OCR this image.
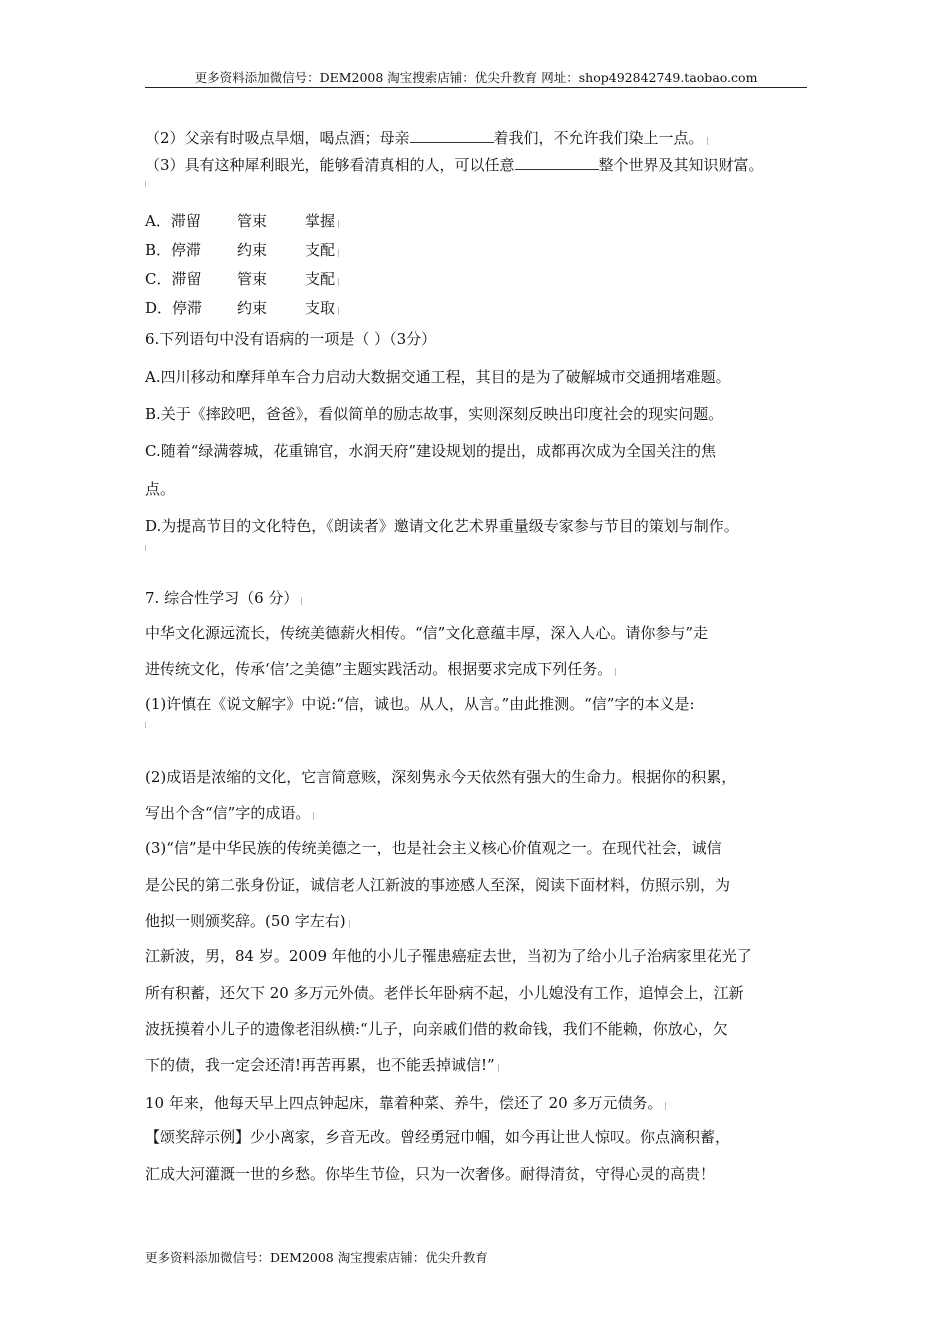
更多资料添加微信号：DEM2008 淘宝搜索店铺：优尖升教育 网址：shop492842749.taobao.com
（2）父亲有时吸点旱烟，喝点酒；母亲	着我们，不允许我们染上一点。
（3）具有这种犀利眼光，能够看清真相的人，可以任意	整个世界及其知识财富。
A．滞留 管束	掌握
B．停滞 约束	支配
C．滞留 管束	支配
D．停滞 约束	支取
6.下列语句中没有语病的一项是（ ）（3分）
A.四川移动和摩拜单车合力启动大数据交通工程，其目的是为了破解城市交通拥堵难题。
B.关于《摔跤吧，爸爸》，看似简单的励志故事，实则深刻反映出印度社会的现实问题。
C.随着“绿满蓉城，花重锦官，水润天府”建设规划的提出，成都再次成为全国关注的焦
点。
D.为提高节目的文化特色，《朗读者》邀请文化艺术界重量级专家参与节目的策划与制作。
7. 综合性学习（6 分）
中华文化源远流长，传统美德薪火相传。“信”文化意蕴丰厚，深入人心。请你参与”走
进传统文化，传承‘信’之美德”主题实践活动。根据要求完成下列任务。
(1)许慎在《说文解字》中说:“信，诚也。从人，从言。”由此推测。“信”字的本义是:
(2)成语是浓缩的文化，它言简意赅，深刻隽永今天依然有强大的生命力。根据你的积累，
写出个含“信”字的成语。
(3)“信”是中华民族的传统美德之一，也是社会主义核心价值观之一。在现代社会，诚信
是公民的第二张身份证，诚信老人江新波的事迹感人至深，阅读下面材料，仿照示别，为
他拟一则颁奖辞。(50 字左右)
江新波，男，84 岁。2009 年他的小儿子罹患癌症去世，当初为了给小儿子治病家里花光了
所有积蓄，还欠下 20 多万元外债。老伴长年卧病不起，小儿媳没有工作，追悼会上，江新
波抚摸着小儿子的遗像老泪纵横:“儿子，向亲戚们借的救命钱，我们不能赖，你放心，欠
下的债，我一定会还清!再苦再累，也不能丢掉诚信!”
10 年来，他每天早上四点钟起床，靠着种菜、养牛，偿还了 20 多万元债务。
【颂奖辞示例】少小离家，乡音无改。曾经勇冠巾帼，如今再让世人惊叹。你点滴积蓄，
汇成大河灌溉一世的乡愁。你毕生节俭，只为一次奢侈。耐得清贫，守得心灵的高贵！
更多资料添加微信号：DEM2008 淘宝搜索店铺：优尖升教育
